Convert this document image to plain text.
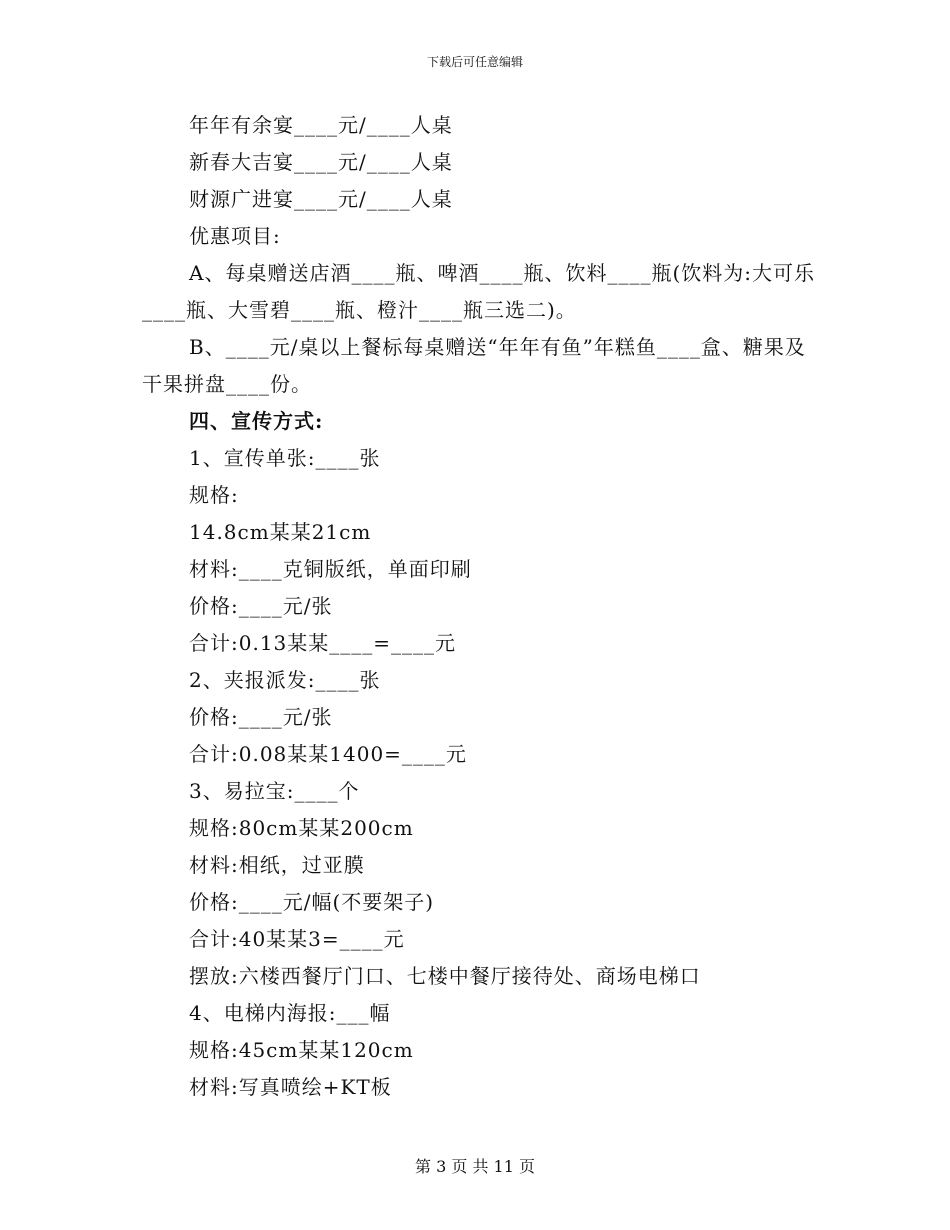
下载后可任意编辑
年年有余宴____元/____人桌
新春大吉宴____元/____人桌
财源广进宴____元/____人桌
优惠项目:
A、每桌赠送店酒____瓶、啤酒____瓶、饮料____瓶(饮料为:大可乐____瓶、大雪碧____瓶、橙汁____瓶三选二)。
B、____元/桌以上餐标每桌赠送“年年有鱼”年糕鱼____盒、糖果及干果拼盘____份。
四、宣传方式:
1、宣传单张:____张
规格:
14.8cm某某21cm
材料:____克铜版纸，单面印刷
价格:____元/张
合计:0.13某某____=____元
2、夹报派发:____张
价格:____元/张
合计:0.08某某1400=____元
3、易拉宝:____个
规格:80cm某某200cm
材料:相纸，过亚膜
价格:____元/幅(不要架子)
合计:40某某3=____元
摆放:六楼西餐厅门口、七楼中餐厅接待处、商场电梯口
4、电梯内海报:___幅
规格:45cm某某120cm
材料:写真喷绘+KT板
第 3 页 共 11 页
